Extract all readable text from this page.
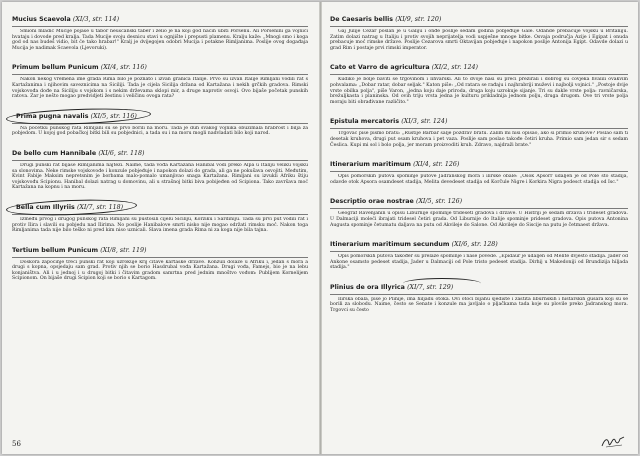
Mucius Scaevola (XI/3, str. 114)

Smioni mladić Mucije pojaše u tabor neušćanski taber i želio je na koji god način ubiti Porsenu. Ali Porsenini ga vojnici hvataju i dovode pred kralja. Tada Mucije svoju desnicu stavi u ognjište i prepusti plamenu. Kralju kaže: „Mnogi smo i koga god od nas budeš vidio, bit će tako hrabar!" Kralj je dvijegojen odobri Mucija i potakne Rimljanima. Poslije ovog događaja Mucija je nadimak Scaevola (Ljevoruki).

Primum bellum Punicum (XI/4, str. 116)

Nakon nekog vremena ime grada Rima bilo je poznato i izvan granica Italije. Prvo su izvan Italije Rimljani vodili rat s Kartažanima i njihovim saveznicima na Siciliji. Tada je cijela Sicilija držana od Kartažana i nekih grčkih gradova. Rimski vojskovođa dođe na Siciliju s vojskom i s nekim drževama sklopi mir, a druge naprotiv osvoji. Ovo bijaše početak punskih ratova. Zar je nešto mogao predvidjeti žestinu i veličinu ovoga rata?

Prima pugna navalis (XI/5, str. 116)

Na početku punskog rata Rimljani su se prvo borili na moru. Tada je duh svakog vojnika obuzimala hrabrost i bilja za pobjedom. U kojoj god pobačkoj bitki bili su pobjednici, a tada su i na moru mogli nadvladati bilo koji narod.

De bello cum Hannibale (XI/6, str. 118)

Drugi punski rat bijaše Rimljanima najteži. Naime, tada vođa Kartažana Hanibal vodi preko Alpa u Italiju veliku vojsku sa slonovima. Neke rimske vojskovođe i konzule pobjeđuje i napokon dolazi do grada, ali ga ne pokušava osvojiti. Međutim, Kvint Fabije Maksim nepretsnim je borbama malo-pomalo umanjivao snaga Kartažana. Rimljani su izvukli Afriku štiju vojskovođu Scipionu. Hanibal dolazi natrag u domovinu, ali u strašnoj bitki biva pobijeđen od Scipiona. Tako završava moć Kartažana na kopnu i na moru.

Bella cum Illyriis (XI/7, str. 118)

Između prvog i drugog punskog rata Rimljani su pustošili cijelu Siciliju, Korziku i Sardiniju. Tada su prvi put vodili rat i protiv Ilira i slavili su pobjedu nad Ilirima. No poslije Hanibalove smrti nisko nije mogao održati rimsku moć. Nakon toga Rimljanima tada nije bilo teško ni pred kim niso uznicali. Slava imena grada Rima ni za koga nije bila tajna.

Tertium bellum Punicum (XI/8, str. 119)

Doskora započinje treći punski rat koji uzrokuje krij čitave kartaške države. Konzuli dolaze u Afriku i, jedan s mora a drugi s kopna, opsjedaju sam grad. Protiv njih se borio Hasdrubal vođa Kartažana. Drugi vođa, Famejs, bio je na lebu konjaništva. Ali i u jednoj i u drugoj bitki i čitavim gradom samrtna pred jednim mnoštvo vođom: Publijem Kornelijem Scipionom. On bijaše drugi Scipion koji se borio s Kartagom.

De Caesaris bellis (XI/9, str. 120)

Gaj Julije Cezar poslan je u Galiju i onđe poslije sedam godina pobjeđuje Gale. Odande prebacuje vojsku u Britaniju. Zatim dolazi natrag u Italiju i protiv svojih neprijatelja vodi uspješne mnoge bitke. Osvaja područja Azije i Egipat i onuda prebacuje moć rimske države. Poslije Cezarova smrti Oktavijan pobjeđuje i napokon poslije Antonija Egipt. Odavde dolazi u grad Rim i postaje prvi rimski imperator.

Cato et Varro de agricultura (XI/2, str. 124)

Kudiko je bolje baviti se trgovinom i lihvarski. Ali to dvoje naši su preci prezirali i dobrog su čovjeka hvalili ovakvim pohvalama: „Dobar ratar, dobar seljak." Katon piše: „Od ratara se rađaju i najhrabriji muževi i najbolji vojnici." „Postoje dvije vrste obilka polja", piše Varon, „jedna koju daje priroda, druga koju uzrokuje sijanje. Tri su dakle vrste polja: ravničarska, brežuljkasta i planinska. Od ovih triju vrsta jedna je kulturu prikladnija jednom polju, druga drugom. Ove tri vrste polja moraju biti obrađivane različito."

Epistula mercatoris (XI/3, str. 124)

Trgovac piše pismo bratu: „Rustije Barbar šalje pozdrav bratu. Žalim mi nisi opisao, ako si primio kruhove? Poslao sam ti desetak kruhova, drugi put osam kruhova i pet vaza. Poslije sam poslao takođe četiri kruha. Primio sam jedan sir s sedam Česlica. Kupi mi sol i bolo polja, jer moram proizvoditi kruh. Zdravo, najdraži brate."

Itinerarium maritimum (XI/4, str. 126)

Opis pomorskih putova spominje putove Jadranskog mora i ilirske obale: „Osok Apsorr udaljen je od Pole sto stadija, odavde otok Apsora osamdeset stadija, Melita devedeset stadija od Korčule Nigre i Korkira Nigra podesct stadija od Isc."

Descriptio orae nostrae (XI/5, str. 126)

Geograf Ravenjanin u opisu Liburnije spominje tridesetl gradova i države. U Histriji je sedam država i trideset gradova. U Dalmaciji moleći ibrajati tridesel četiri grada. Od Liburnije do Italije spominje prideset gradova. Opis putova Antonina Augusta spominje četumatu daljava na putu od Akvileje do Salone. Od Akvileje do Siscije na putu je četmaest država.

Itinerarium maritimum secundum (XI/6, str. 128)

Opis pomorskih putova također su prelaze spominje i naše povede. „Epidaur je udaljen od Melite dvjesto stadija. Jader od Ankone osamsto pedeset stadija, Jader u Dalmaciji od Pole tristo pedeset stadija. Dirhij u Makedoniji od Brundizija hiljada stadija."

Plinius de ora Illyrica (XI/7, str. 129)

Ilirska obala, piše jo Plinije, ima hiljadu otoka. Ovi otoci bijahu sjedište i zaštita liburnskih i histarskih gusara koji su se borili za slobodu. Naime, često se Senate i konzule ma javljalo o pljačkama tada koje su plovile preko Jadranskog mora. Trgovci su često

56
